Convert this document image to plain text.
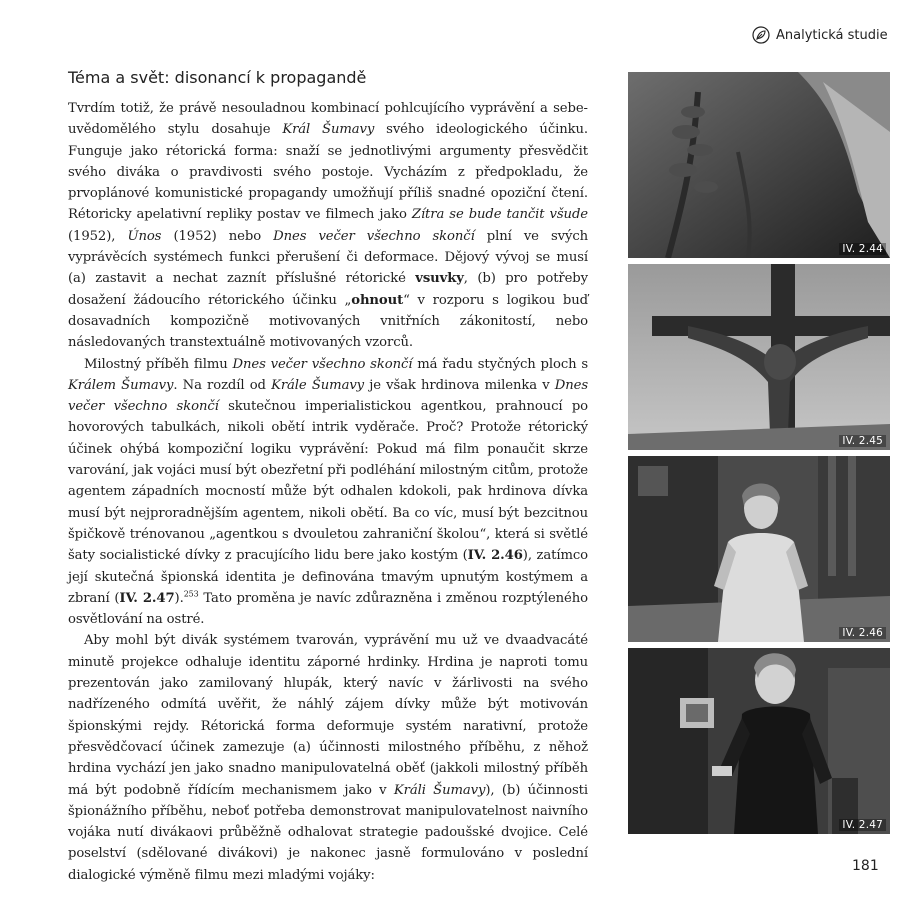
Analytická studie
Téma a svět: disonancí k propagandě

Tvrdím totiž, že právě nesouladnou kombinací pohlcujícího vyprávění a sebeuvědomělého stylu dosahuje Král Šumavy svého ideologického účinku. Funguje jako rétorická forma: snaží se jednotlivými argumenty přesvědčit svého diváka o pravdivosti svého postoje. Vycházím z předpokladu, že prvoplánové komunistické propagandy umožňují příliš snadné opoziční čtení. Rétoricky apelativní repliky postav ve filmech jako Zítra se bude tančit všude (1952), Únos (1952) nebo Dnes večer všechno skončí plní ve svých vyprávěcích systémech funkci přerušení či deformace. Dějový vývoj se musí (a) zastavit a nechat zaznít příslušné rétorické vsuvky, (b) pro potřeby dosažení žádoucího rétorického účinku „ohnout“ v rozporu s logikou buď dosavadních kompozičně motivovaných vnitřních zákonitostí, nebo následovaných transtextuálně motivovaných vzorců.

Milostný příběh filmu Dnes večer všechno skončí má řadu styčných ploch s Králem Šumavy. Na rozdíl od Krále Šumavy je však hrdinova milenka v Dnes večer všechno skončí skutečnou imperialistickou agentkou, prahnoucí po hovorových tabulkách, nikoli obětí intrik vyděrače. Proč? Protože rétorický účinek ohýbá kompoziční logiku vyprávění: Pokud má film ponaučit skrze varování, jak vojáci musí být obezřetní při podléhání milostným citům, protože agentem západních mocností může být odhalen kdokoli, pak hrdinova dívka musí být nejproradnějším agentem, nikoli obětí. Ba co víc, musí být bezcitnou špičkově trénovanou „agentkou s dvouletou zahraniční školou“, která si světlé šaty socialistické dívky z pracujícího lidu bere jako kostým (IV. 2.46), zatímco její skutečná špionská identita je definována tmavým upnutým kostýmem a zbraní (IV. 2.47).$^{253}$ Tato proměna je navíc zdůrazněna i změnou rozptýleného osvětlování na ostré.

Aby mohl být divák systémem tvarován, vyprávění mu už ve dvaadvacáté minutě projekce odhaluje identitu záporné hrdinky. Hrdina je naproti tomu prezentován jako zamilovaný hlupák, který navíc v žárlivosti na svého nadřízeného odmítá uvěřit, že náhlý zájem dívky může být motivován špionskými rejdy. Rétorická forma deformuje systém narativní, protože přesvědčovací účinek zamezuje (a) účinnosti milostného příběhu, z něhož hrdina vychází jen jako snadno manipulovatelná oběť (jakkoli milostný příběh má být podobně řídícím mechanismem jako v Králi Šumavy), (b) účinnosti špionážního příběhu, neboť potřeba demonstrovat manipulovatelnost naivního vojáka nutí divákaovi průběžně odhalovat strategie padoušské dvojice. Celé poselství (sdělované divákovi) je nakonec jasně formulováno v poslední dialogické výměně filmu mezi mladými vojáky:

IV. 2.44
IV. 2.45
IV. 2.46
IV. 2.47
181
